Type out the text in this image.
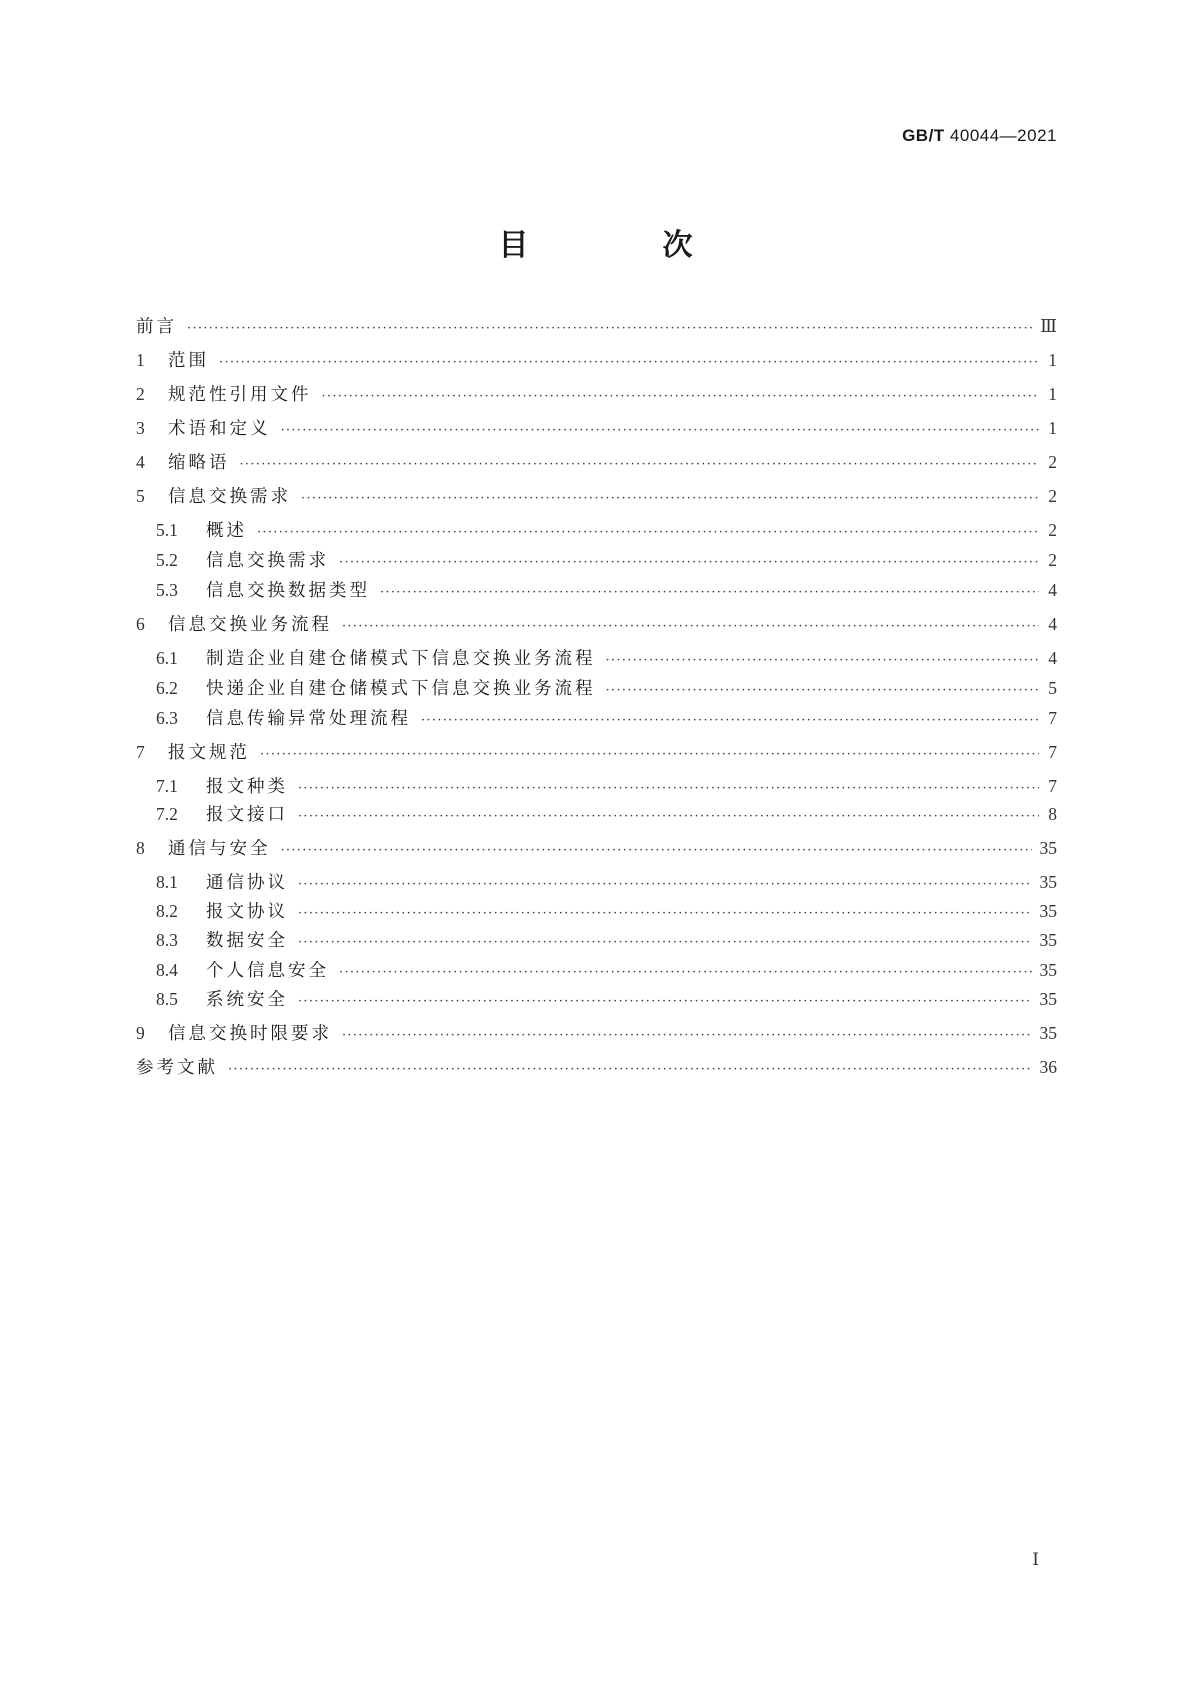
GB/T 40044—2021
目　次
前言 ·····	Ⅲ
1	范围 ·····	1
2	规范性引用文件 ·····	1
3	术语和定义 ·····	1
4	缩略语 ·····	2
5	信息交换需求 ·····	2
5.1	概述 ·····	2
5.2	信息交换需求 ·····	2
5.3	信息交换数据类型 ·····	4
6	信息交换业务流程 ·····	4
6.1	制造企业自建仓储模式下信息交换业务流程 ·····	4
6.2	快递企业自建仓储模式下信息交换业务流程 ·····	5
6.3	信息传输异常处理流程 ·····	7
7	报文规范 ·····	7
7.1	报文种类 ·····	7
7.2	报文接口 ·····	8
8	通信与安全 ·····	35
8.1	通信协议 ·····	35
8.2	报文协议 ·····	35
8.3	数据安全 ·····	35
8.4	个人信息安全 ·····	35
8.5	系统安全 ·····	35
9	信息交换时限要求 ·····	35
参考文献 ·····	36
Ⅰ
